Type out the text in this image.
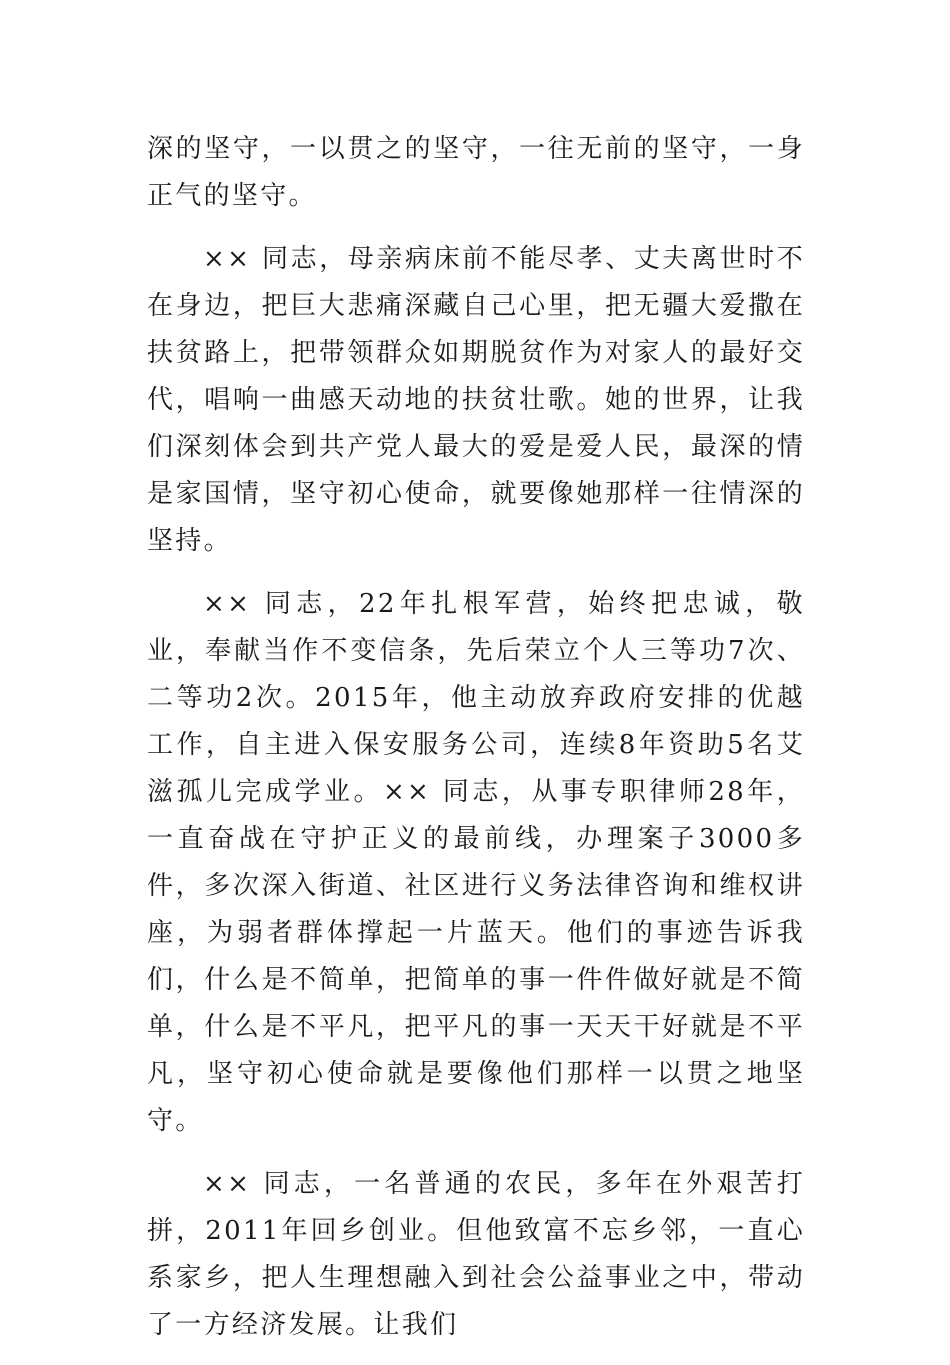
深的坚守，一以贯之的坚守，一往无前的坚守，一身正气的坚守。

×× 同志，母亲病床前不能尽孝、丈夫离世时不在身边，把巨大悲痛深藏自己心里，把无疆大爱撒在扶贫路上，把带领群众如期脱贫作为对家人的最好交代，唱响一曲感天动地的扶贫壮歌。她的世界，让我们深刻体会到共产党人最大的爱是爱人民，最深的情是家国情，坚守初心使命，就要像她那样一往情深的坚持。

×× 同志，22年扎根军营，始终把忠诚，敬业，奉献当作不变信条，先后荣立个人三等功7次、二等功2次。2015年，他主动放弃政府安排的优越工作，自主进入保安服务公司，连续8年资助5名艾滋孤儿完成学业。×× 同志，从事专职律师28年，一直奋战在守护正义的最前线，办理案子3000多件，多次深入街道、社区进行义务法律咨询和维权讲座，为弱者群体撑起一片蓝天。他们的事迹告诉我们，什么是不简单，把简单的事一件件做好就是不简单，什么是不平凡，把平凡的事一天天干好就是不平凡，坚守初心使命就是要像他们那样一以贯之地坚守。

×× 同志，一名普通的农民，多年在外艰苦打拼，2011年回乡创业。但他致富不忘乡邻，一直心系家乡，把人生理想融入到社会公益事业之中，带动了一方经济发展。让我们
